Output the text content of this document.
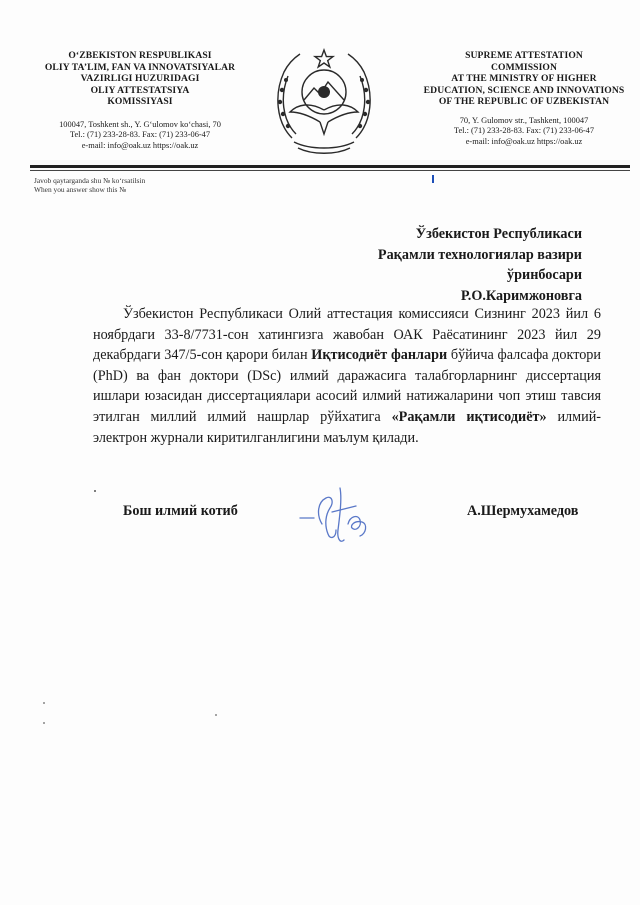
O‘ZBEKISTON RESPUBLIKASI
OLIY TA’LIM, FAN VA INNOVATSIYALAR
VAZIRLIGI HUZURIDAGI
OLIY ATTESTATSIYA
KOMISSIYASI
100047, Toshkent sh., Y. G‘ulomov ko‘chasi, 70
Tel.: (71) 233-28-83. Fax: (71) 233-06-47
e-mail: info@oak.uz https://oak.uz
SUPREME ATTESTATION
COMMISSION
AT THE MINISTRY OF HIGHER
EDUCATION, SCIENCE AND INNOVATIONS
OF THE REPUBLIC OF UZBEKISTAN
70, Y. Gulomov str., Tashkent, 100047
Tel.: (71) 233-28-83. Fax: (71) 233-06-47
e-mail: info@oak.uz https://oak.uz
Javob qaytarganda shu № ko‘rsatilsin
When you answer show this №
Ўзбекистон Республикаси
Рақамли технологиялар вазири
ўринбосари
Р.О.Каримжоновга

Ўзбекистон Республикаси Олий аттестация комиссияси Сизнинг 2023 йил 6 ноябрдаги 33-8/7731-сон хатингизга жавобан ОАК Раёсатининг 2023 йил 29 декабрдаги 347/5-сон қарори билан Иқтисодиёт фанлари бўйича фалсафа доктори (PhD) ва фан доктори (DSc) илмий даражасига талабгорларнинг диссертация ишлари юзасидан диссертациялари асосий илмий натижаларини чоп этиш тавсия этилган миллий илмий нашрлар рўйхатига «Рақамли иқтисодиёт» илмий-электрон журнали киритилганлигини маълум қилади.

Бош илмий котиб	А.Шермухамедов
